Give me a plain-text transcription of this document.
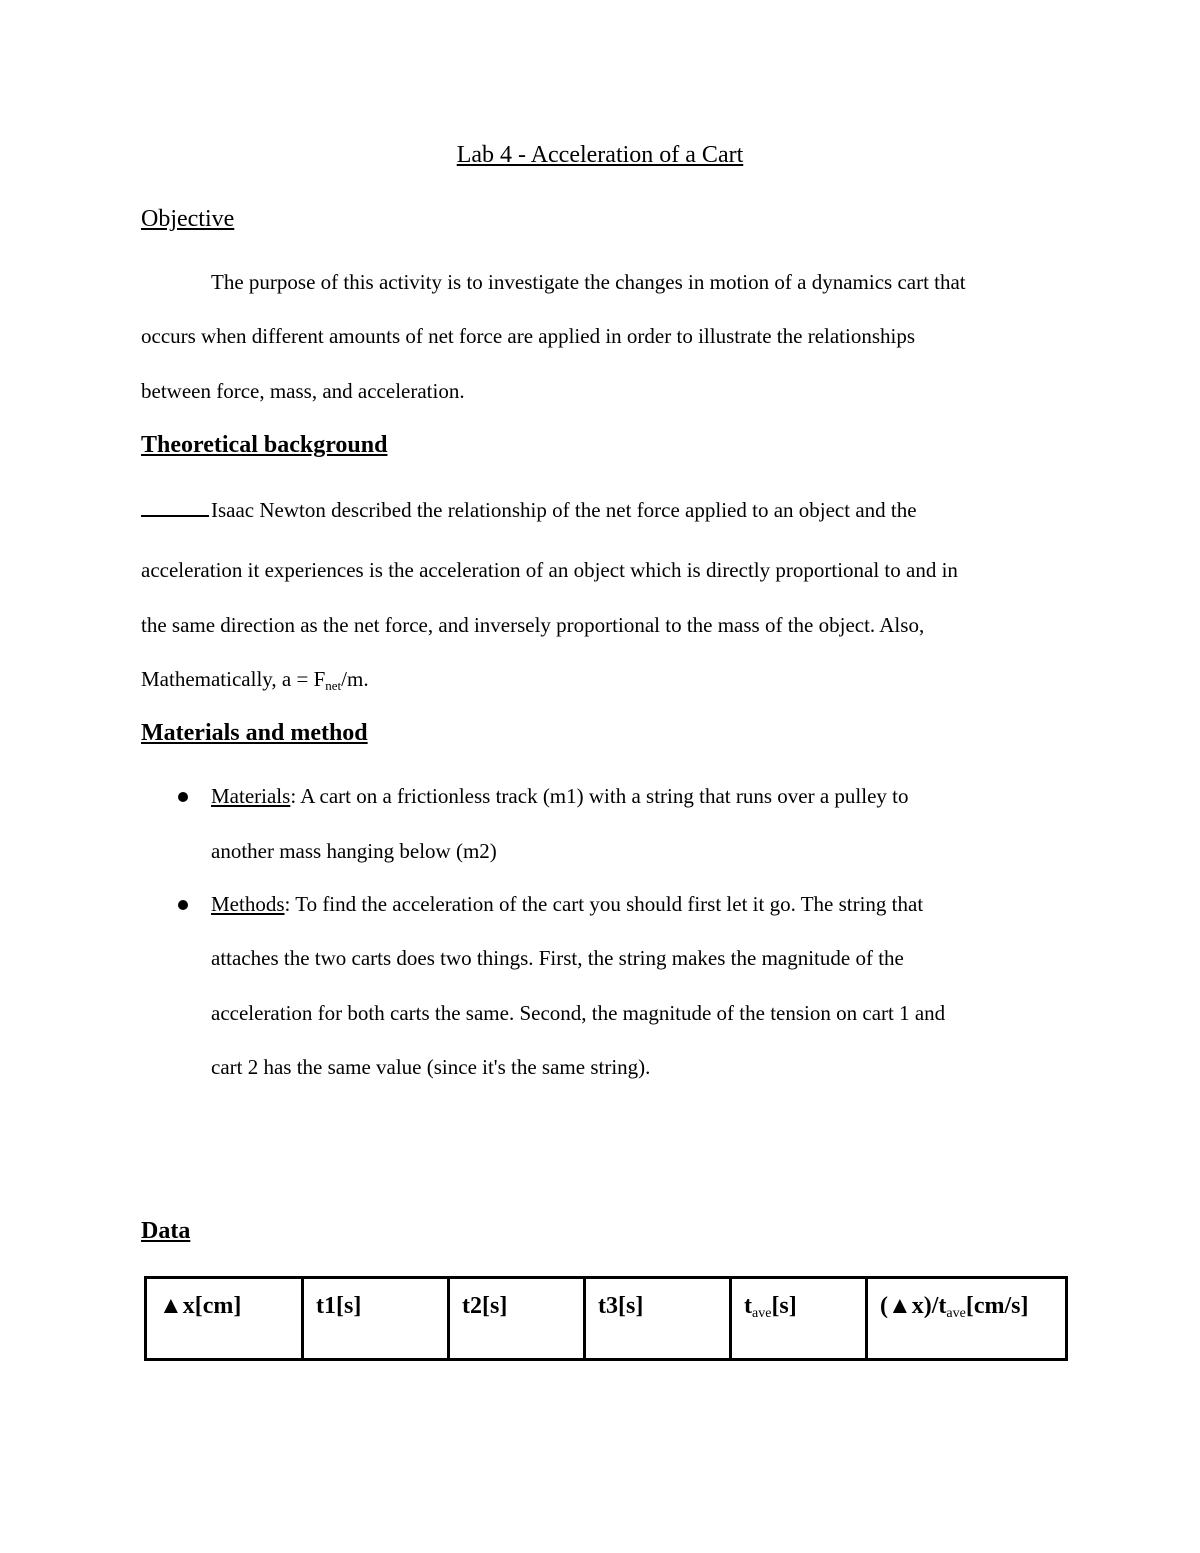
Lab 4 - Acceleration of a Cart
Objective
The purpose of this activity is to investigate the changes in motion of a dynamics cart that
occurs when different amounts of net force are applied in order to illustrate the relationships
between force, mass, and acceleration.
Theoretical background
Isaac Newton described the relationship of the net force applied to an object and the
acceleration it experiences is the acceleration of an object which is directly proportional to and in
the same direction as the net force, and inversely proportional to the mass of the object. Also,
Mathematically, $a = F_{net}/m$.
Materials and method
Materials: A cart on a frictionless track (m1) with a string that runs over a pulley to
another mass hanging below (m2)
Methods: To find the acceleration of the cart you should first let it go. The string that
attaches the two carts does two things. First, the string makes the magnitude of the
acceleration for both carts the same. Second, the magnitude of the tension on cart 1 and
cart 2 has the same value (since it's the same string).
Data
▲x[cm]	t1[s]	t2[s]	t3[s]	$t_{ave}[s]$	$(▲x)/t_{ave}[cm/s]$
